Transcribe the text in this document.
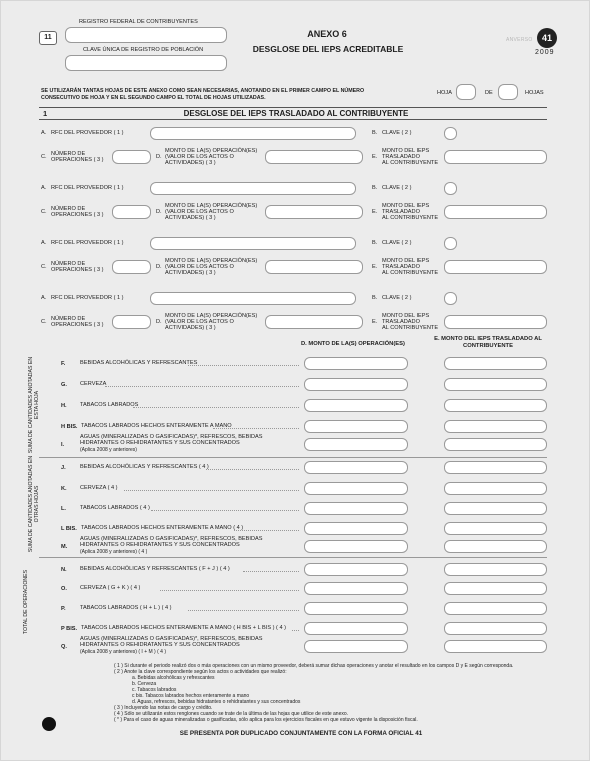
11
REGISTRO FEDERAL DE CONTRIBUYENTES
CLAVE ÚNICA DE REGISTRO DE POBLACIÓN
ANEXO 6
DESGLOSE DEL IEPS ACREDITABLE
ANVERSO	41
2009
SE UTILIZARÁN TANTAS HOJAS DE ESTE ANEXO COMO SEAN NECESARIAS, ANOTANDO EN EL PRIMER CAMPO EL NÚMERO
CONSECUTIVO DE HOJA Y EN EL SEGUNDO CAMPO EL TOTAL DE HOJAS UTILIZADAS.
HOJA	DE	HOJAS
1	DESGLOSE DEL IEPS TRASLADADO AL CONTRIBUYENTE
A. RFC DEL PROVEEDOR ( 1 )	B. CLAVE ( 2 )
C. NÚMERO DE
OPERACIONES ( 3 )	D.
MONTO DE LA(S) OPERACIÓN(ES)
(VALOR DE LOS ACTOS O
ACTIVIDADES) ( 3 )
E.
MONTO DEL IEPS
TRASLADADO
AL CONTRIBUYENTE
A. RFC DEL PROVEEDOR ( 1 )	B. CLAVE ( 2 )
C. NÚMERO DE
OPERACIONES ( 3 )	D.
MONTO DE LA(S) OPERACIÓN(ES)
(VALOR DE LOS ACTOS O
ACTIVIDADES) ( 3 )
E.
MONTO DEL IEPS
TRASLADADO
AL CONTRIBUYENTE
A. RFC DEL PROVEEDOR ( 1 )	B. CLAVE ( 2 )
C. NÚMERO DE
OPERACIONES ( 3 )	D.
MONTO DE LA(S) OPERACIÓN(ES)
(VALOR DE LOS ACTOS O
ACTIVIDADES) ( 3 )
E.
MONTO DEL IEPS
TRASLADADO
AL CONTRIBUYENTE
A. RFC DEL PROVEEDOR ( 1 )	B. CLAVE ( 2 )
C. NÚMERO DE
OPERACIONES ( 3 )	D.
MONTO DE LA(S) OPERACIÓN(ES)
(VALOR DE LOS ACTOS O
ACTIVIDADES) ( 3 )
E.
MONTO DEL IEPS
TRASLADADO
AL CONTRIBUYENTE
D. MONTO DE LA(S) OPERACIÓN(ES)
E. MONTO DEL IEPS TRASLADADO AL
CONTRIBUYENTE
SUMA DE CANTIDADES ANOTADAS EN ESTA HOJA
SUMA DE CANTIDADES ANOTADAS EN OTRAS HOJAS
TOTAL DE OPERACIONES
F.	BEBIDAS ALCOHÓLICAS Y REFRESCANTES
G. CERVEZA
H. TABACOS LABRADOS
H BIS. TABACOS LABRADOS HECHOS ENTERAMENTE A MANO
I.
AGUAS (MINERALIZADAS O GASIFICADAS)*, REFRESCOS, BEBIDAS
HIDRATANTES O REHIDRATANTES Y SUS CONCENTRADOS
(Aplica 2008 y anteriores)
J.	BEBIDAS ALCOHÓLICAS Y REFRESCANTES ( 4 )
K. CERVEZA ( 4 )
L.	TABACOS LABRADOS ( 4 )
L BIS. TABACOS LABRADOS HECHOS ENTERAMENTE A MANO ( 4 )
M.
AGUAS (MINERALIZADAS O GASIFICADAS)*, REFRESCOS, BEBIDAS
HIDRATANTES O REHIDRATANTES Y SUS CONCENTRADOS
(Aplica 2008 y anteriores) ( 4 )
N. BEBIDAS ALCOHÓLICAS Y REFRESCANTES ( F + J ) ( 4 )
O. CERVEZA ( G + K ) ( 4 )
P.	TABACOS LABRADOS ( H + L ) ( 4 )
P BIS. TABACOS LABRADOS HECHOS ENTERAMENTE A MANO ( H BIS + L BIS ) ( 4 )
Q.
AGUAS (MINERALIZADAS O GASIFICADAS)*, REFRESCOS, BEBIDAS
HIDRATANTES O REHIDRATANTES Y SUS CONCENTRADOS
(Aplica 2008 y anteriores) ( I + M ) ( 4 )
( 1 ) Si durante el periodo realizó dos o más operaciones con un mismo proveedor, deberá sumar dichas operaciones y anotar el resultado en los campos D y E según corresponda.
( 2 ) Anote la clave correspondiente según los actos o actividades que realizó:
a. Bebidas alcohólicas y refrescantes
b. Cerveza
c. Tabacos labrados
c bis. Tabacos labrados hechos enteramente a mano
d. Aguas, refrescos, bebidas hidratantes o rehidratantes y sus concentrados
( 3 ) Incluyendo las notas de cargo y crédito.
( 4 ) Sólo se utilizarán estos renglones cuando se trate de la última de las hojas que utilice de este anexo.
( * ) Para el caso de aguas mineralizadas o gasificadas, sólo aplica para los ejercicios fiscales en que estuvo vigente la disposición fiscal.
SE PRESENTA POR DUPLICADO CONJUNTAMENTE CON LA FORMA OFICIAL 41
